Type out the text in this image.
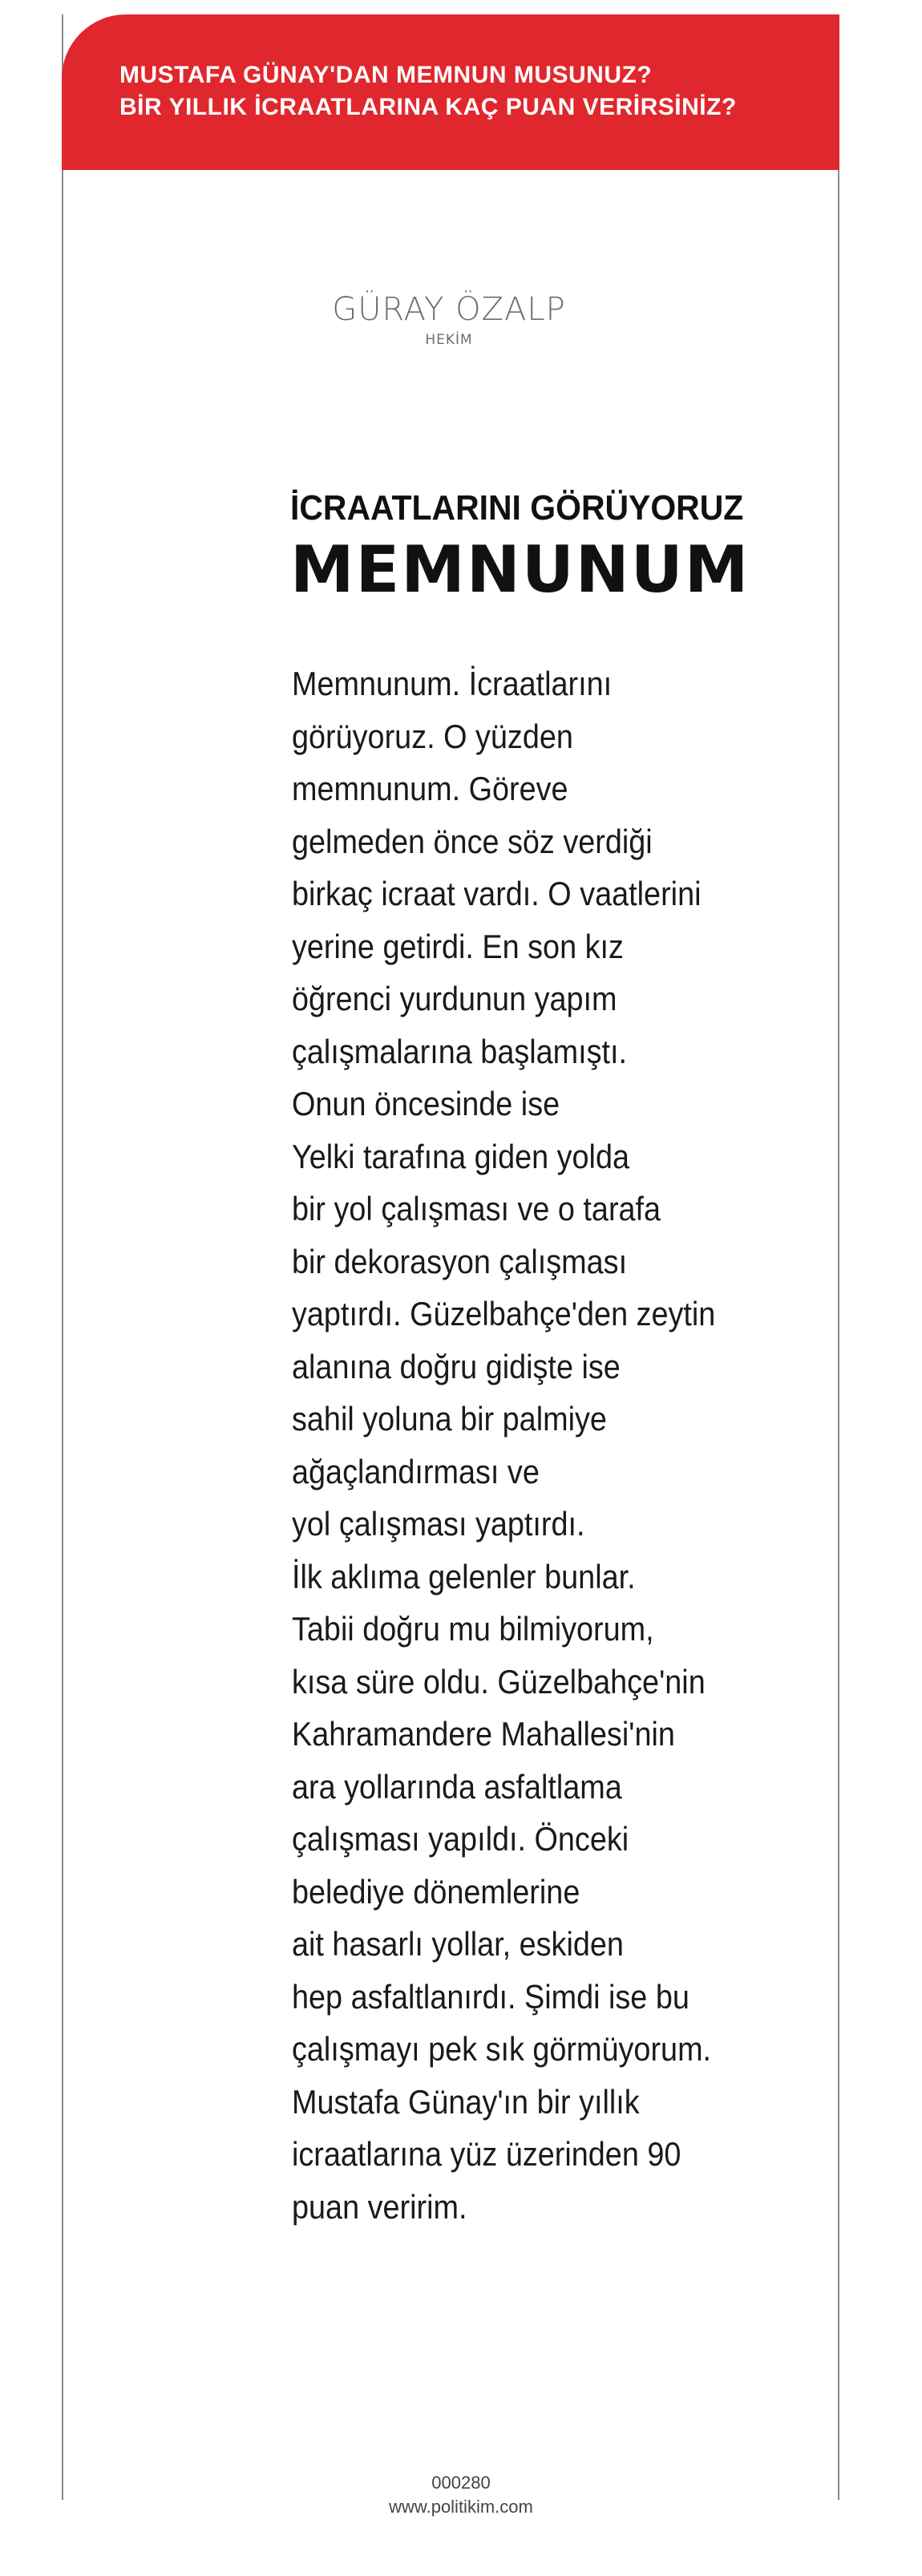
MUSTAFA GÜNAY'DAN MEMNUN MUSUNUZ?
BİR YILLIK İCRAATLARINA KAÇ PUAN VERİRSİNİZ?
GÜRAY ÖZALP
HEKİM
İCRAATLARINI GÖRÜYORUZ
MEMNUNUM
Memnunum. İcraatlarını
görüyoruz. O yüzden
memnunum. Göreve
gelmeden önce söz verdiği
birkaç icraat vardı. O vaatlerini
yerine getirdi. En son kız
öğrenci yurdunun yapım
çalışmalarına başlamıştı.
Onun öncesinde ise
Yelki tarafına giden yolda
bir yol çalışması ve o tarafa
bir dekorasyon çalışması
yaptırdı. Güzelbahçe'den zeytin
alanına doğru gidişte ise
sahil yoluna bir palmiye
ağaçlandırması ve
yol çalışması yaptırdı.
İlk aklıma gelenler bunlar.
Tabii doğru mu bilmiyorum,
kısa süre oldu. Güzelbahçe'nin
Kahramandere Mahallesi'nin
ara yollarında asfaltlama
çalışması yapıldı. Önceki
belediye dönemlerine
ait hasarlı yollar, eskiden
hep asfaltlanırdı. Şimdi ise bu
çalışmayı pek sık görmüyorum.
Mustafa Günay'ın bir yıllık
icraatlarına yüz üzerinden 90
puan veririm.
000280
www.politikim.com
